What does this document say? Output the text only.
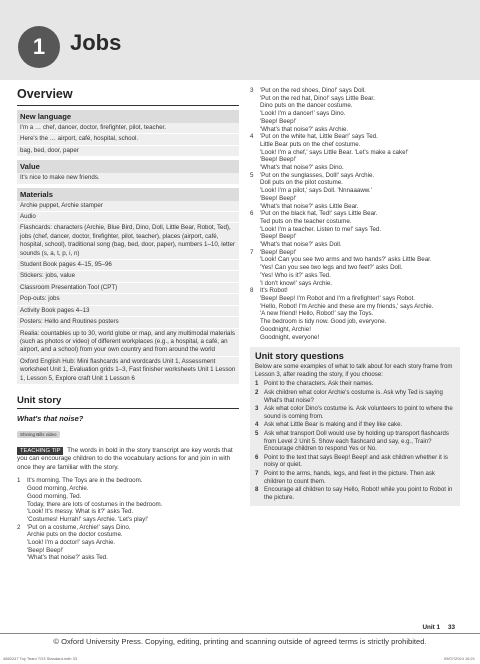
1	Jobs
Overview
New language
I'm a … chef, dancer, doctor, firefighter, pilot, teacher.
Here's the … airport, café, hospital, school.
bag, bed, door, paper
Value
It's nice to make new friends.
Materials
Archie puppet, Archie stamper
Audio
Flashcards: characters (Archie, Blue Bird, Dino, Doll, Little Bear, Robot, Ted), jobs (chef, dancer, doctor, firefighter, pilot, teacher), places (airport, café, hospital, school), traditional song (bag, bed, door, paper), numbers 1–10, letter sounds (s, a, t, p, i, n)
Student Book pages 4–15, 95–96
Stickers: jobs, value
Classroom Presentation Tool (CPT)
Pop-outs: jobs
Activity Book pages 4–13
Posters: Hello and Routines posters
Realia: countables up to 30, world globe or map, and any multimodal materials (such as photos or video) of different workplaces (e.g., a hospital, a café, an airport, and a school) from your own country and from around the world
Oxford English Hub: Mini flashcards and wordcards Unit 1, Assessment worksheet Unit 1, Evaluation grids 1–3, Fast finisher worksheets Unit 1 Lesson 1, Lesson 5, Explore craft Unit 1 Lesson 6
Unit story
What's that noise?
Shining Bills video
TEACHING TIP The words in bold in the story transcript are key words that you can encourage children to do the vocabulary actions for and join in with once they are familiar with the story.
1	It's morning. The Toys are in the bedroom.
Good morning, Archie.
Good morning, Ted.
Today, there are lots of costumes in the bedroom.
'Look! It's messy. What is it?' asks Ted.
'Costumes! Hurrah!' says Archie. 'Let's play!'
2	'Put on a costume, Archie!' says Dino.
Archie puts on the doctor costume.
'Look! I'm a doctor!' says Archie.
'Beep! Beep!'
'What's that noise?' asks Ted.
3	'Put on the red shoes, Dino!' says Doll.
'Put on the red hat, Dino!' says Little Bear.
Dino puts on the dancer costume.
'Look! I'm a dancer!' says Dino.
'Beep! Beep!'
'What's that noise?' asks Archie.
4	'Put on the white hat, Little Bear!' says Ted.
Little Bear puts on the chef costume.
'Look! I'm a chef,' says Little Bear. 'Let's make a cake!'
'Beep! Beep!'
'What's that noise?' asks Dino.
5	'Put on the sunglasses, Doll!' says Archie.
Doll puts on the pilot costume.
'Look! I'm a pilot,' says Doll. 'Nnnaaaww.'
'Beep! Beep!'
'What's that noise?' asks Little Bear.
6	'Put on the black hat, Ted!' says Little Bear.
Ted puts on the teacher costume.
'Look! I'm a teacher. Listen to me!' says Ted.
'Beep! Beep!'
'What's that noise?' asks Doll.
7	'Beep! Beep!'
'Look! Can you see two arms and two hands?' asks Little Bear.
'Yes! Can you see two legs and two feet?' asks Doll.
'Yes! Who is it?' asks Ted.
'I don't know!' says Archie.
8	It's Robot!
'Beep! Beep! I'm Robot and I'm a firefighter!' says Robot.
'Hello, Robot! I'm Archie and these are my friends,' says Archie.
'A new friend! Hello, Robot!' say the Toys.
The bedroom is tidy now. Good job, everyone.
Goodnight, Archie!
Goodnight, everyone!
Unit story questions
Below are some examples of what to talk about for each story frame from Lesson 3, after reading the story, if you choose:
1 Point to the characters. Ask their names.
2 Ask children what color Archie's costume is. Ask why Ted is saying What's that noise?
3 Ask what color Dino's costume is. Ask volunteers to point to where the sound is coming from.
4 Ask what Little Bear is making and if they like cake.
5 Ask what transport Doll would use by holding up transport flashcards from Level 2 Unit 5. Show each flashcard and say, e.g., Train? Encourage children to respond Yes or No.
6 Point to the text that says Beep! Beep! and ask children whether it is noisy or quiet.
7 Point to the arms, hands, legs, and feet in the picture. Then ask children to count them.
8 Encourage all children to say Hello, Robot! while you point to Robot in the picture.
Unit 1 33
© Oxford University Press. Copying, editing, printing and scanning outside of agreed terms is strictly prohibited.
4860247 Toy Team TG3 Standard.indb 33	09/07/2024 16:21
